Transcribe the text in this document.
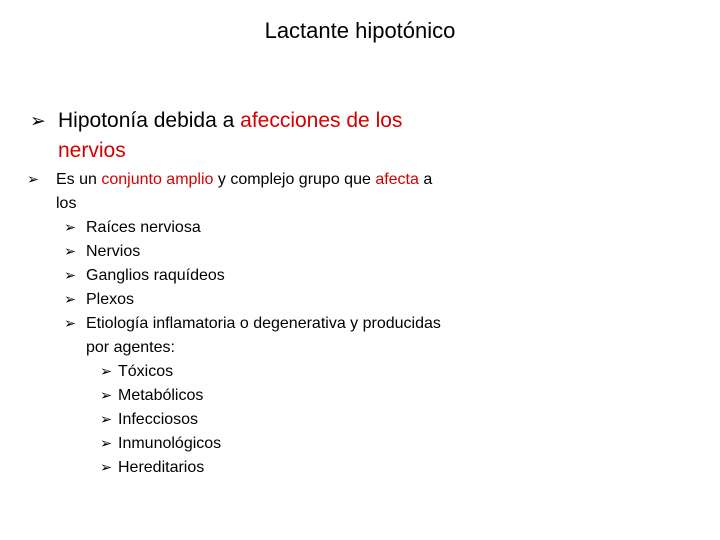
Lactante hipotónico
➢ Hipotonía debida a afecciones de los nervios
➢	Es un conjunto amplio y complejo grupo que afecta a los
➢ Raíces nerviosa
➢ Nervios
➢ Ganglios raquídeos
➢ Plexos
➢ Etiología inflamatoria o degenerativa y producidas por agentes:
➢ Tóxicos
➢ Metabólicos
➢ Infecciosos
➢ Inmunológicos
➢ Hereditarios
